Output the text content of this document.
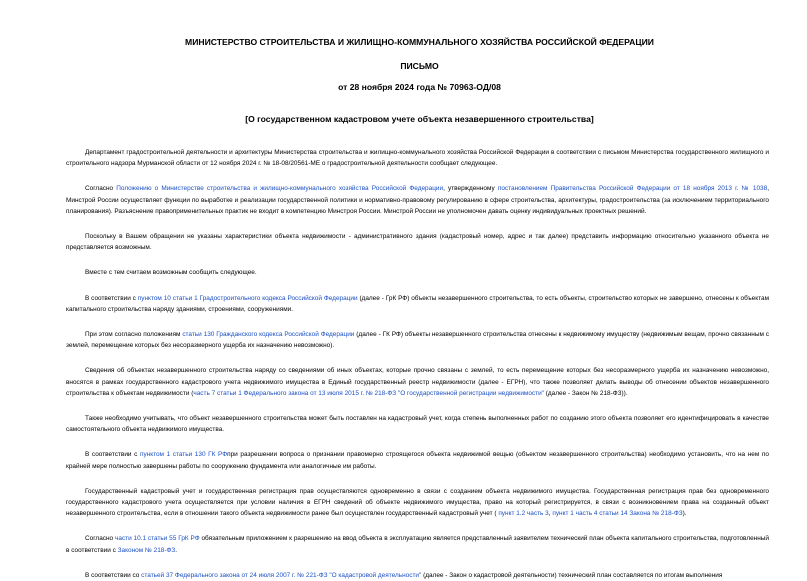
МИНИСТЕРСТВО СТРОИТЕЛЬСТВА И ЖИЛИЩНО-КОММУНАЛЬНОГО ХОЗЯЙСТВА РОССИЙСКОЙ ФЕДЕРАЦИИ
ПИСЬМО
от 28 ноября 2024 года № 70963-ОД/08
[О государственном кадастровом учете объекта незавершенного строительства]

Департамент градостроительной деятельности и архитектуры Министерства строительства и жилищно-коммунального хозяйства Российской Федерации в соответствии с письмом Министерства государственного жилищного и строительного надзора Мурманской области от 12 ноября 2024 г. № 18-08/20561-МЕ о градостроительной деятельности сообщает следующее.

Согласно Положению о Министерстве строительства и жилищно-коммунального хозяйства Российской Федерации, утвержденному постановлением Правительства Российской Федерации от 18 ноября 2013 г. № 1038, Минстрой России осуществляет функции по выработке и реализации государственной политики и нормативно-правовому регулированию в сфере строительства, архитектуры, градостроительства (за исключением территориального планирования). Разъяснение правоприменительных практик не входит в компетенцию Минстроя России. Минстрой России не уполномочен давать оценку индивидуальных проектных решений.

Поскольку в Вашем обращении не указаны характеристики объекта недвижимости - административного здания (кадастровый номер, адрес и так далее) представить информацию относительно указанного объекта не представляется возможным.

Вместе с тем считаем возможным сообщить следующее.

В соответствии с пунктом 10 статьи 1 Градостроительного кодекса Российской Федерации (далее - ГрК РФ) объекты незавершенного строительства, то есть объекты, строительство которых не завершено, отнесены к объектам капитального строительства наряду зданиями, строениями, сооружениями.

При этом согласно положениям статьи 130 Гражданского кодекса Российской Федерации (далее - ГК РФ) объекты незавершенного строительства отнесены к недвижимому имуществу (недвижимым вещам, прочно связанным с землей, перемещение которых без несоразмерного ущерба их назначению невозможно).

Сведения об объектах незавершенного строительства наряду со сведениями об иных объектах, которые прочно связаны с землей, то есть перемещение которых без несоразмерного ущерба их назначению невозможно, вносятся в рамках государственного кадастрового учета недвижимого имущества в Единый государственный реестр недвижимости (далее - ЕГРН), что также позволяет делать выводы об отнесении объектов незавершенного строительства к объектам недвижимости (часть 7 статьи 1 Федерального закона от 13 июля 2015 г. № 218-ФЗ "О государственной регистрации недвижимости" (далее - Закон № 218-ФЗ)).

Также необходимо учитывать, что объект незавершенного строительства может быть поставлен на кадастровый учет, когда степень выполненных работ по созданию этого объекта позволяет его идентифицировать в качестве самостоятельного объекта недвижимого имущества.

В соответствии с пунктом 1 статьи 130 ГК РФпри разрешении вопроса о признании правомерно строящегося объекта недвижимой вещью (объектом незавершенного строительства) необходимо установить, что на нем по крайней мере полностью завершены работы по сооружению фундамента или аналогичные им работы.

Государственный кадастровый учет и государственная регистрация прав осуществляются одновременно в связи с созданием объекта недвижимого имущества. Государственная регистрация прав без одновременного государственного кадастрового учета осуществляется при условии наличия в ЕГРН сведений об объекте недвижимого имущества, право на который регистрируется, в связи с возникновением права на созданный объект незавершенного строительства, если в отношении такого объекта недвижимости ранее был осуществлен государственный кадастровый учет ( пункт 1.2 часть 3, пункт 1 часть 4 статьи 14 Закона № 218-ФЗ).

Согласно части 10.1 статьи 55 ГрК РФ обязательным приложением к разрешению на ввод объекта в эксплуатацию является представленный заявителем технический план объекта капитального строительства, подготовленный в соответствии с Законом № 218-ФЗ.

В соответствии со статьей 37 Федерального закона от 24 июля 2007 г. № 221-ФЗ "О кадастровой деятельности" (далее - Закон о кадастровой деятельности) технический план составляется по итогам выполнения
